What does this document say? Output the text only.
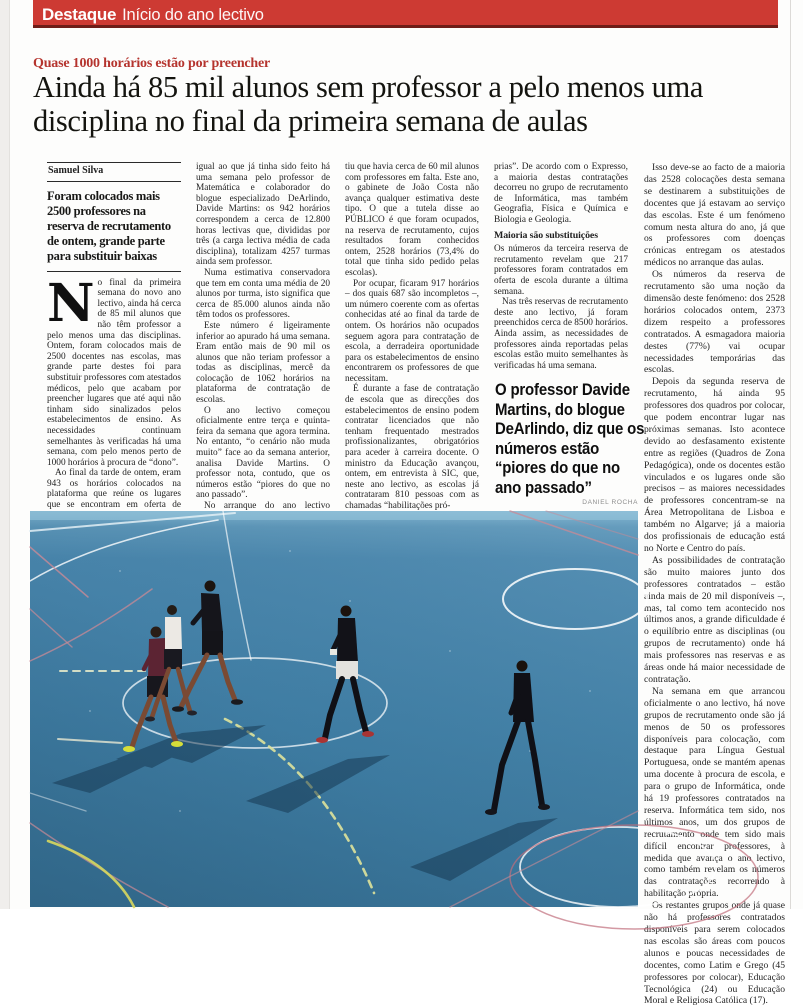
Destaque Início do ano lectivo
Quase 1000 horários estão por preencher
Ainda há 85 mil alunos sem professor a pelo menos uma disciplina no final da primeira semana de aulas
Samuel Silva

Foram colocados mais 2500 professores na reserva de recrutamento de ontem, grande parte para substituir baixas

No final da primeira semana do novo ano lectivo, ainda há cerca de 85 mil alunos que não têm professor a pelo menos uma das disciplinas. Ontem, foram colocados mais de 2500 docentes nas escolas, mas grande parte destes foi para substituir professores com atestados médicos, pelo que acabam por preencher lugares que até aqui não tinham sido sinalizados pelos estabelecimentos de ensino. As necessidades continuam semelhantes às verificadas há uma semana, com pelo menos perto de 1000 horários à procura de “dono”.

Ao final da tarde de ontem, eram 943 os horários colocados na plataforma que reúne os lugares que se encontram em oferta de

igual ao que já tinha sido feito há uma semana pelo professor de Matemática e colaborador do blogue especializado DeArlindo, Davide Martins: os 942 horários correspondem a cerca de 12.800 horas lectivas que, divididas por três (a carga lectiva média de cada disciplina), totalizam 4257 turmas ainda sem professor.

Numa estimativa conservadora que tem em conta uma média de 20 alunos por turma, isto significa que cerca de 85.000 alunos ainda não têm todos os professores.

Este número é ligeiramente inferior ao apurado há uma semana. Eram então mais de 90 mil os alunos que não teriam professor a todas as disciplinas, mercê da colocação de 1062 horários na plataforma de contratação de escolas.

O ano lectivo começou oficialmente entre terça e quinta-feira da semana que agora termina. No entanto, “o cenário não muda muito” face ao da semana anterior, analisa Davide Martins. O professor nota, contudo, que os números estão “piores do que no ano passado”.

No arranque do ano lectivo

tiu que havia cerca de 60 mil alunos com professores em falta. Este ano, o gabinete de João Costa não avança qualquer estimativa deste tipo. O que a tutela disse ao PÚBLICO é que foram ocupados, na reserva de recrutamento, cujos resultados foram conhecidos ontem, 2528 horários (73,4% do total que tinha sido pedido pelas escolas).

Por ocupar, ficaram 917 horários – dos quais 687 são incompletos –, um número coerente com as ofertas conhecidas até ao final da tarde de ontem. Os horários não ocupados seguem agora para contratação de escola, a derradeira oportunidade para os estabelecimentos de ensino encontrarem os professores de que necessitam.

É durante a fase de contratação de escola que as direcções dos estabelecimentos de ensino podem contratar licenciados que não tenham frequentado mestrados profissionalizantes, obrigatórios para aceder à carreira docente. O ministro da Educação avançou, ontem, em entrevista à SIC, que, neste ano lectivo, as escolas já contrataram 810 pessoas com as chamadas “habilitações pró-

prias”. De acordo com o Expresso, a maioria destas contratações decorreu no grupo de recrutamento de Informática, mas também Geografia, Física e Química e Biologia e Geologia.

Maioria são substituições

Os números da terceira reserva de recrutamento revelam que 217 professores foram contratados em oferta de escola durante a última semana.

Nas três reservas de recrutamento deste ano lectivo, já foram preenchidos cerca de 8500 horários. Ainda assim, as necessidades de professores ainda reportadas pelas escolas estão muito semelhantes às verificadas há uma semana.

Isso deve-se ao facto de a maioria das 2528 colocações desta semana se destinarem a substituições de docentes que já estavam ao serviço das escolas. Este é um fenómeno comum nesta altura do ano, já que os professores com doenças crónicas entregam os atestados médicos no arranque das aulas.

Os números da reserva de recrutamento são uma noção da dimensão deste fenómeno: dos 2528 horários colocados ontem, 2373 dizem respeito a professores contratados. A esmagadora maioria destes (77%) vai ocupar necessidades temporárias das escolas.

Depois da segunda reserva de recrutamento, há ainda 95 professores dos quadros por colocar, que podem encontrar lugar nas próximas semanas. Isto acontece devido ao desfasamento existente entre as regiões (Quadros de Zona Pedagógica), onde os docentes estão vinculados e os lugares onde são precisos – as maiores necessidades de professores concentram-se na Área Metropolitana de Lisboa e também no Algarve; já a maioria dos profissionais de educação está no Norte e Centro do país.

As possibilidades de contratação são muito maiores junto dos professores contratados – estão ainda mais de 20 mil disponíveis –, mas, tal como tem acontecido nos últimos anos, a grande dificuldade é o equilíbrio entre as disciplinas (ou grupos de recrutamento) onde há mais professores nas reservas e as áreas onde há maior necessidade de contratação.

Na semana em que arrancou oficialmente o ano lectivo, há nove grupos de recrutamento onde são já menos de 50 os professores disponíveis para colocação, com destaque para Língua Gestual Portuguesa, onde se mantém apenas uma docente à procura de escola, e para o grupo de Informática, onde há 19 professores contratados na reserva. Informática tem sido, nos últimos anos, um dos grupos de recrutamento onde tem sido mais difícil encontrar professores, à medida que avança o ano lectivo, como também revelam os números das contratações recorrendo à habilitação própria.

Os restantes grupos onde já quase não há professores contratados disponíveis para serem colocados nas escolas são áreas com poucos alunos e poucas necessidades de docentes, como Latim e Grego (45 professores por colocar), Educação Tecnológica (24) ou Educação Moral e Religiosa Católica (17).

O professor Davide Martins, do blogue DeArlindo, diz que os números estão “piores do que no ano passado”
DANIEL ROCHA
